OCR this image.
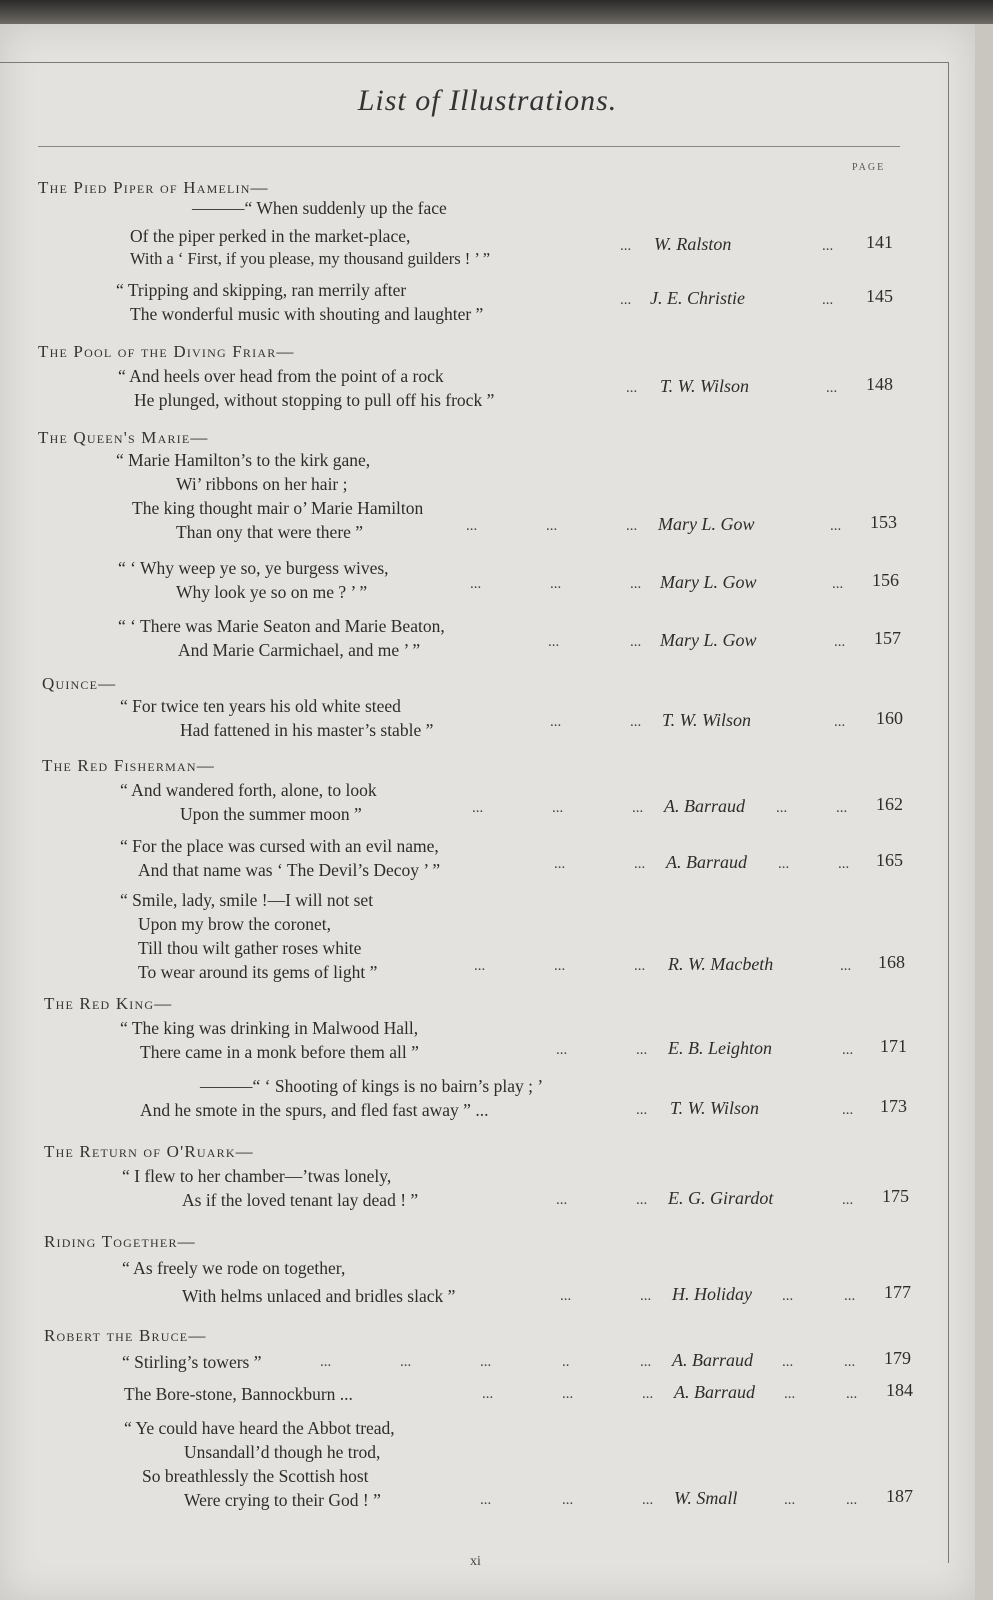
List of Illustrations.
PAGE
The Pied Piper of Hamelin—
The Pool of the Diving Friar—
The Queen's Marie—
Quince—
The Red Fisherman—
The Red King—
The Return of O'Ruark—
Riding Together—
Robert the Bruce—
———“ When suddenly up the face
Of the piper perked in the market-place,
With a ‘ First, if you please, my thousand guilders ! ’ ”
... W. Ralston	... 141
“ Tripping and skipping, ran merrily after
The wonderful music with shouting and laughter ”
... J. E. Christie	... 145
“ And heels over head from the point of a rock
He plunged, without stopping to pull off his frock ”
... T. W. Wilson	... 148
“ Marie Hamilton’s to the kirk gane,
Wi’ ribbons on her hair ;
The king thought mair o’ Marie Hamilton
Than ony that were there ”	...	...	... Mary L. Gow	... 153
“ ‘ Why weep ye so, ye burgess wives,
Why look ye so on me ? ’ ”	...	...	... Mary L. Gow	... 156
“ ‘ There was Marie Seaton and Marie Beaton,
And Marie Carmichael, and me ’ ”	...	... Mary L. Gow	... 157
“ For twice ten years his old white steed
Had fattened in his master’s stable ”	...	... T. W. Wilson	... 160
“ And wandered forth, alone, to look
Upon the summer moon ”	...	...	... A. Barraud ...	... 162
“ For the place was cursed with an evil name,
And that name was ‘ The Devil’s Decoy ’ ”	...	... A. Barraud ...	... 165
“ Smile, lady, smile !—I will not set
Upon my brow the coronet,
Till thou wilt gather roses white
To wear around its gems of light ”	...	...	... R. W. Macbeth	... 168
“ The king was drinking in Malwood Hall,
There came in a monk before them all ”	...	... E. B. Leighton	... 171
———“ ‘ Shooting of kings is no bairn’s play ; ’
And he smote in the spurs, and fled fast away ” ...	... T. W. Wilson	... 173
“ I flew to her chamber—’twas lonely,
As if the loved tenant lay dead ! ”	...	... E. G. Girardot	... 175
“ As freely we rode on together,
With helms unlaced and bridles slack ”	...	... H. Holiday ...	... 177
“ Stirling’s towers ”	...	...	...	..	... A. Barraud ...	... 179
The Bore-stone, Bannockburn ...	...	...	... A. Barraud ...	... 184
“ Ye could have heard the Abbot tread,
Unsandall’d though he trod,
So breathlessly the Scottish host
Were crying to their God ! ”	...	...	... W. Small	...	... 187
xi
